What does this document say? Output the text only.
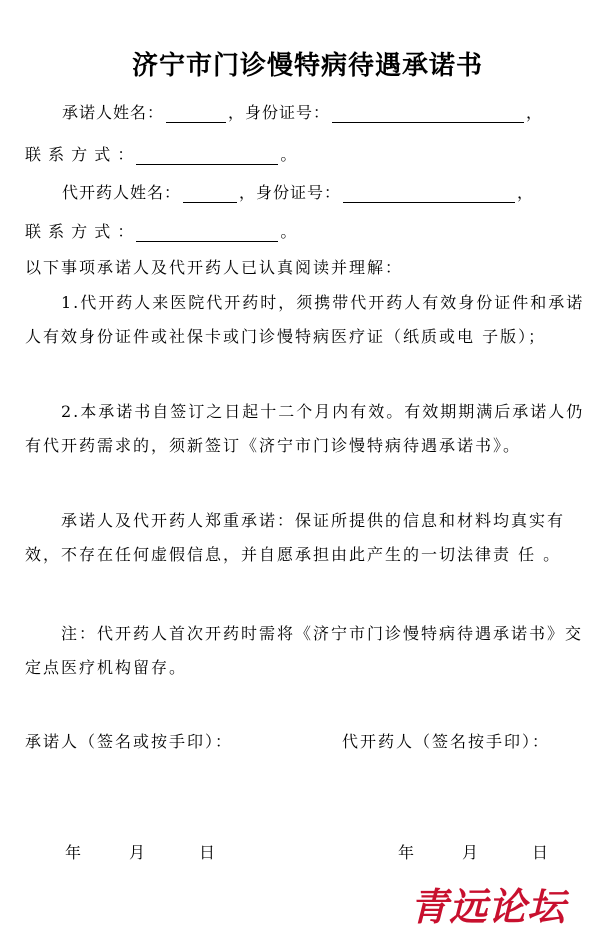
济宁市门诊慢特病待遇承诺书
承诺人姓名：	，身份证号：	，
联 系 方 式 ：	。
代开药人姓名：	，身份证号：	，
联 系 方 式 ：	。
以下事项承诺人及代开药人已认真阅读并理解：
1.代开药人来医院代开药时，须携带代开药人有效身份证件和承诺人有效身份证件或社保卡或门诊慢特病医疗证（纸质或电 子版）；
2.本承诺书自签订之日起十二个月内有效。有效期期满后承诺人仍有代开药需求的，须新签订《济宁市门诊慢特病待遇承诺书》。
承诺人及代开药人郑重承诺：保证所提供的信息和材料均真实有效，不存在任何虚假信息，并自愿承担由此产生的一切法律责 任 。
注：代开药人首次开药时需将《济宁市门诊慢特病待遇承诺书》交定点医疗机构留存。
承诺人（签名或按手印）：	代开药人（签名按手印）：
年	月	日	年	月	日
青远论坛
